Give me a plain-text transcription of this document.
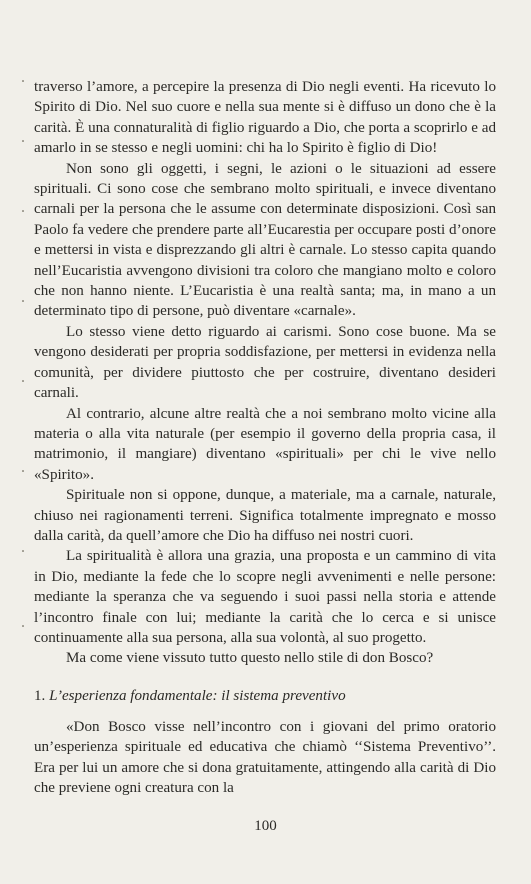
traverso l’amore, a percepire la presenza di Dio negli eventi. Ha ricevuto lo Spirito di Dio. Nel suo cuore e nella sua mente si è diffuso un dono che è la carità. È una connaturalità di figlio riguardo a Dio, che porta a scoprirlo e ad amarlo in se stesso e negli uomini: chi ha lo Spirito è figlio di Dio!

Non sono gli oggetti, i segni, le azioni o le situazioni ad essere spirituali. Ci sono cose che sembrano molto spirituali, e invece diventano carnali per la persona che le assume con determinate disposizioni. Così san Paolo fa vedere che prendere parte all’Eucarestia per occupare posti d’onore e mettersi in vista e disprezzando gli altri è carnale. Lo stesso capita quando nell’Eucaristia avvengono divisioni tra coloro che mangiano molto e coloro che non hanno niente. L’Eucaristia è una realtà santa; ma, in mano a un determinato tipo di persone, può diventare «carnale».

Lo stesso viene detto riguardo ai carismi. Sono cose buone. Ma se vengono desiderati per propria soddisfazione, per mettersi in evidenza nella comunità, per dividere piuttosto che per costruire, diventano desideri carnali.

Al contrario, alcune altre realtà che a noi sembrano molto vicine alla materia o alla vita naturale (per esempio il governo della propria casa, il matrimonio, il mangiare) diventano «spirituali» per chi le vive nello «Spirito».

Spirituale non si oppone, dunque, a materiale, ma a carnale, naturale, chiuso nei ragionamenti terreni. Significa totalmente impregnato e mosso dalla carità, da quell’amore che Dio ha diffuso nei nostri cuori.

La spiritualità è allora una grazia, una proposta e un cammino di vita in Dio, mediante la fede che lo scopre negli avvenimenti e nelle persone: mediante la speranza che va seguendo i suoi passi nella storia e attende l’incontro finale con lui; mediante la carità che lo cerca e si unisce continuamente alla sua persona, alla sua volontà, al suo progetto.

Ma come viene vissuto tutto questo nello stile di don Bosco?

1. L’esperienza fondamentale: il sistema preventivo

«Don Bosco visse nell’incontro con i giovani del primo oratorio un’esperienza spirituale ed educativa che chiamò ‘‘Sistema Preventivo’’. Era per lui un amore che si dona gratuitamente, attingendo alla carità di Dio che previene ogni creatura con la

100
